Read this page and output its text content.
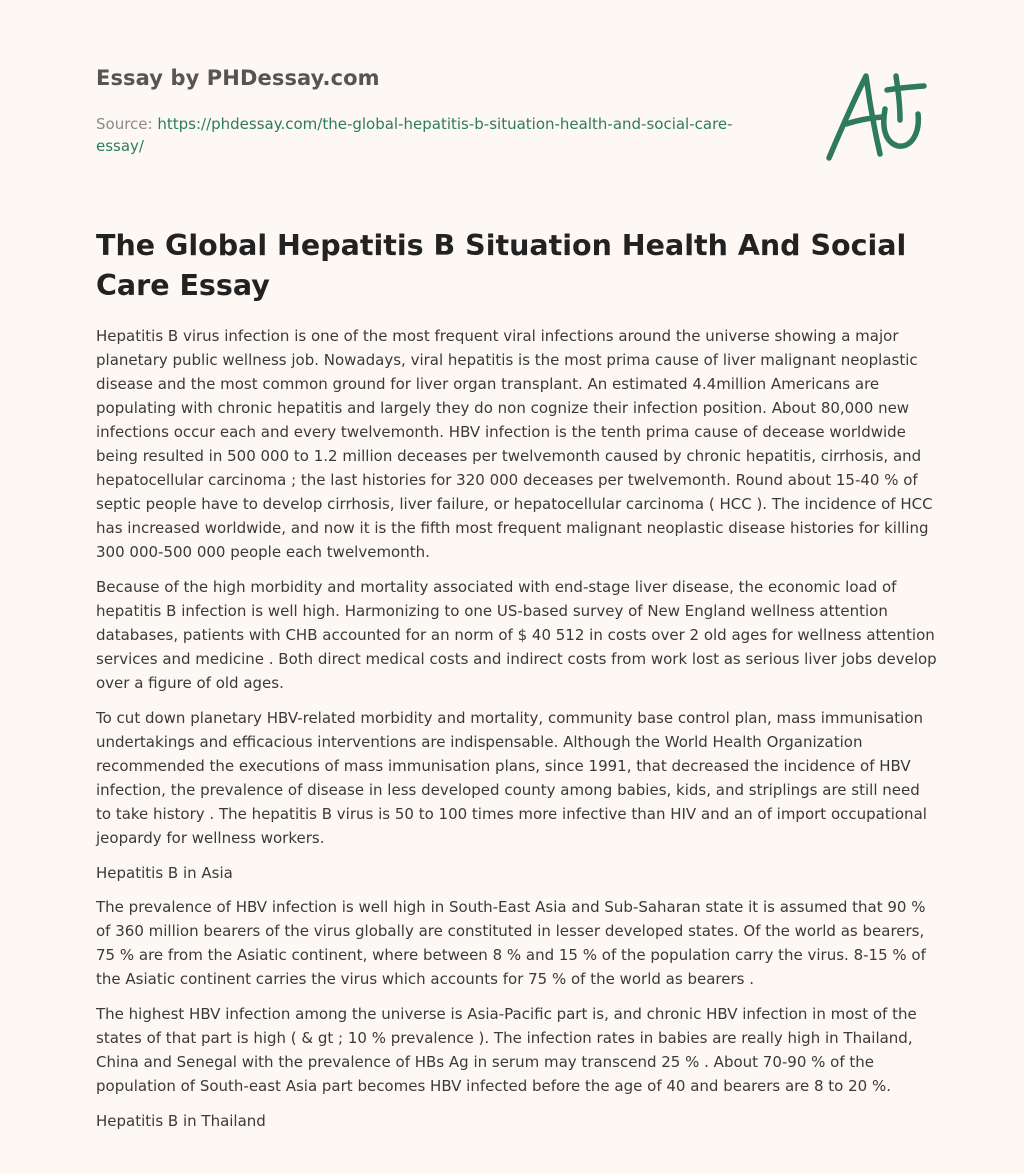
Essay by PHDessay.com
Source: https://phdessay.com/the-global-hepatitis-b-situation-health-and-social-care-essay/
The Global Hepatitis B Situation Health And Social Care Essay

Hepatitis B virus infection is one of the most frequent viral infections around the universe showing a major planetary public wellness job. Nowadays, viral hepatitis is the most prima cause of liver malignant neoplastic disease and the most common ground for liver organ transplant. An estimated 4.4million Americans are populating with chronic hepatitis and largely they do non cognize their infection position. About 80,000 new infections occur each and every twelvemonth. HBV infection is the tenth prima cause of decease worldwide being resulted in 500 000 to 1.2 million deceases per twelvemonth caused by chronic hepatitis, cirrhosis, and hepatocellular carcinoma ; the last histories for 320 000 deceases per twelvemonth. Round about 15-40 % of septic people have to develop cirrhosis, liver failure, or hepatocellular carcinoma ( HCC ). The incidence of HCC has increased worldwide, and now it is the fifth most frequent malignant neoplastic disease histories for killing 300 000-500 000 people each twelvemonth.

Because of the high morbidity and mortality associated with end-stage liver disease, the economic load of hepatitis B infection is well high. Harmonizing to one US-based survey of New England wellness attention databases, patients with CHB accounted for an norm of $ 40 512 in costs over 2 old ages for wellness attention services and medicine . Both direct medical costs and indirect costs from work lost as serious liver jobs develop over a figure of old ages.

To cut down planetary HBV-related morbidity and mortality, community base control plan, mass immunisation undertakings and efficacious interventions are indispensable. Although the World Health Organization recommended the executions of mass immunisation plans, since 1991, that decreased the incidence of HBV infection, the prevalence of disease in less developed county among babies, kids, and striplings are still need to take history . The hepatitis B virus is 50 to 100 times more infective than HIV and an of import occupational jeopardy for wellness workers.

Hepatitis B in Asia

The prevalence of HBV infection is well high in South-East Asia and Sub-Saharan state it is assumed that 90 % of 360 million bearers of the virus globally are constituted in lesser developed states. Of the world as bearers, 75 % are from the Asiatic continent, where between 8 % and 15 % of the population carry the virus. 8-15 % of the Asiatic continent carries the virus which accounts for 75 % of the world as bearers .

The highest HBV infection among the universe is Asia-Pacific part is, and chronic HBV infection in most of the states of that part is high ( & gt ; 10 % prevalence ). The infection rates in babies are really high in Thailand, China and Senegal with the prevalence of HBs Ag in serum may transcend 25 % . About 70-90 % of the population of South-east Asia part becomes HBV infected before the age of 40 and bearers are 8 to 20 %.

Hepatitis B in Thailand
